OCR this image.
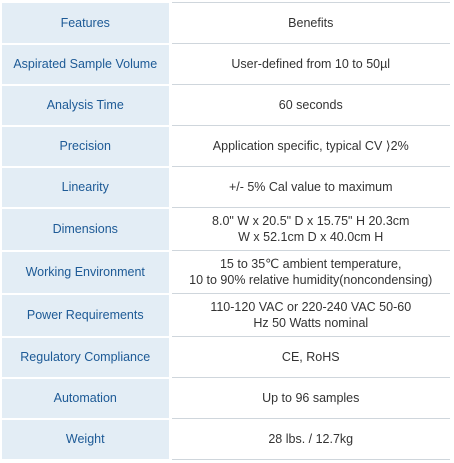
Features	Benefits
Aspirated Sample Volume	User-defined from 10 to 50µl

Analysis Time	60 seconds

Precision	Application specific, typical CV ⟩2%

Linearity	+/- 5% Cal value to maximum

Dimensions	8.0" W x 20.5" D x 15.75" H 20.3cm
W x 52.1cm D x 40.0cm H

Working Environment	15 to 35℃ ambient temperature,
10 to 90% relative humidity(noncondensing)

Power Requirements	110-120 VAC or 220-240 VAC 50-60
Hz 50 Watts nominal

Regulatory Compliance	CE, RoHS

Automation	Up to 96 samples

Weight	28 lbs. / 12.7kg
